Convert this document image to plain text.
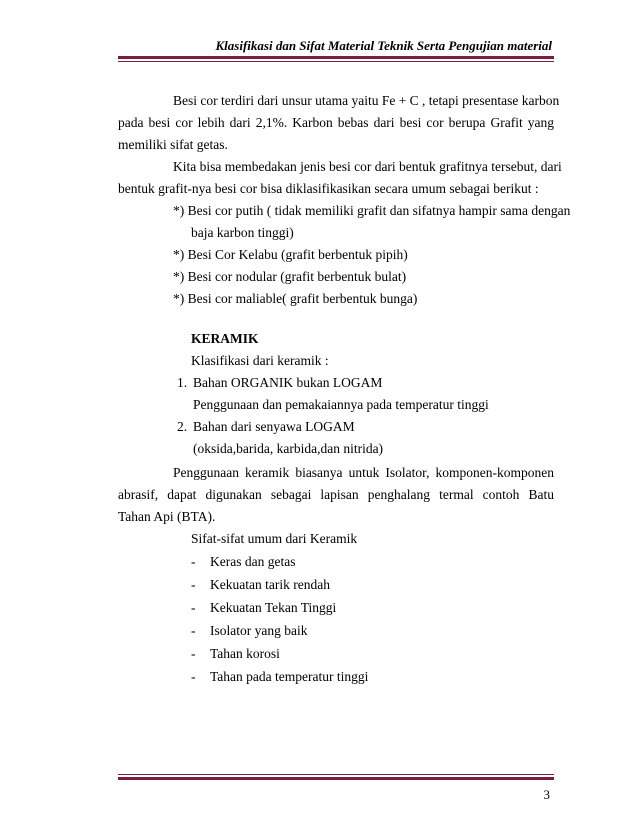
Klasifikasi dan Sifat Material Teknik Serta Pengujian material
Besi cor terdiri dari unsur utama yaitu Fe + C , tetapi presentase karbon
pada besi cor lebih dari 2,1%. Karbon bebas dari besi cor berupa Grafit yang
memiliki sifat getas.
Kita bisa membedakan jenis besi cor dari bentuk grafitnya tersebut, dari
bentuk grafit-nya besi cor bisa diklasifikasikan secara umum sebagai berikut :
*) Besi cor putih ( tidak memiliki grafit dan sifatnya hampir sama dengan
baja karbon tinggi)
*) Besi Cor Kelabu (grafit berbentuk pipih)
*) Besi cor nodular (grafit berbentuk bulat)
*) Besi cor maliable( grafit berbentuk bunga)
KERAMIK
Klasifikasi dari keramik :
1. Bahan ORGANIK bukan LOGAM
Penggunaan dan pemakaiannya pada temperatur tinggi
2. Bahan dari senyawa LOGAM
(oksida,barida, karbida,dan nitrida)
Penggunaan keramik biasanya untuk Isolator, komponen-komponen
abrasif, dapat digunakan sebagai lapisan penghalang termal contoh Batu
Tahan Api (BTA).
Sifat-sifat umum dari Keramik
- Keras dan getas
- Kekuatan tarik rendah
- Kekuatan Tekan Tinggi
- Isolator yang baik
- Tahan korosi
- Tahan pada temperatur tinggi
3
